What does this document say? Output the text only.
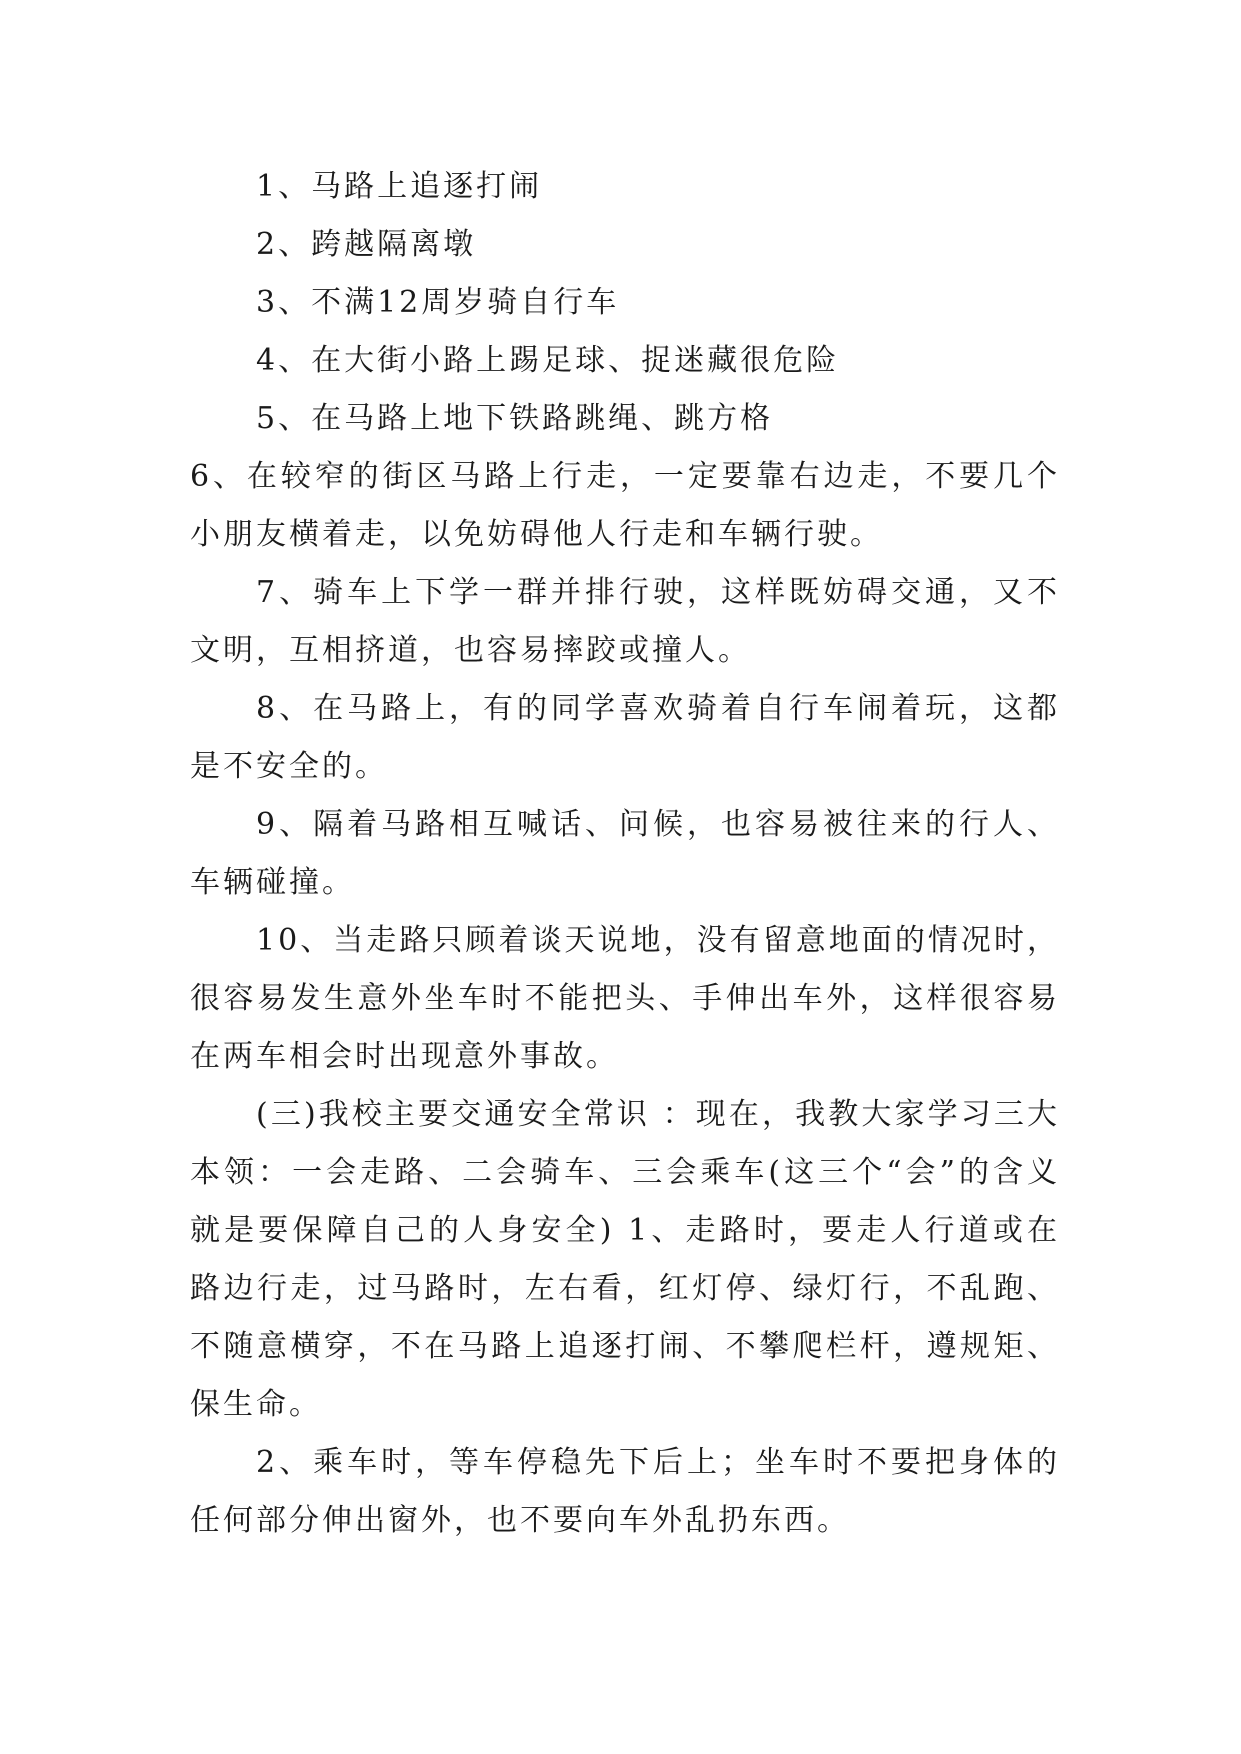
1、马路上追逐打闹

2、跨越隔离墩

3、不满12周岁骑自行车

4、在大街小路上踢足球、捉迷藏很危险

5、在马路上地下铁路跳绳、跳方格

6、在较窄的街区马路上行走，一定要靠右边走，不要几个小朋友横着走，以免妨碍他人行走和车辆行驶。

7、骑车上下学一群并排行驶，这样既妨碍交通，又不文明，互相挤道，也容易摔跤或撞人。

8、在马路上，有的同学喜欢骑着自行车闹着玩，这都是不安全的。

9、隔着马路相互喊话、问候，也容易被往来的行人、车辆碰撞。

10、当走路只顾着谈天说地，没有留意地面的情况时，很容易发生意外坐车时不能把头、手伸出车外，这样很容易在两车相会时出现意外事故。

(三)我校主要交通安全常识 ：现在，我教大家学习三大本领：一会走路、二会骑车、三会乘车(这三个“会”的含义就是要保障自己的人身安全) 1、走路时，要走人行道或在路边行走，过马路时，左右看，红灯停、绿灯行，不乱跑、不随意横穿，不在马路上追逐打闹、不攀爬栏杆，遵规矩、保生命。

2、乘车时，等车停稳先下后上；坐车时不要把身体的任何部分伸出窗外，也不要向车外乱扔东西。
